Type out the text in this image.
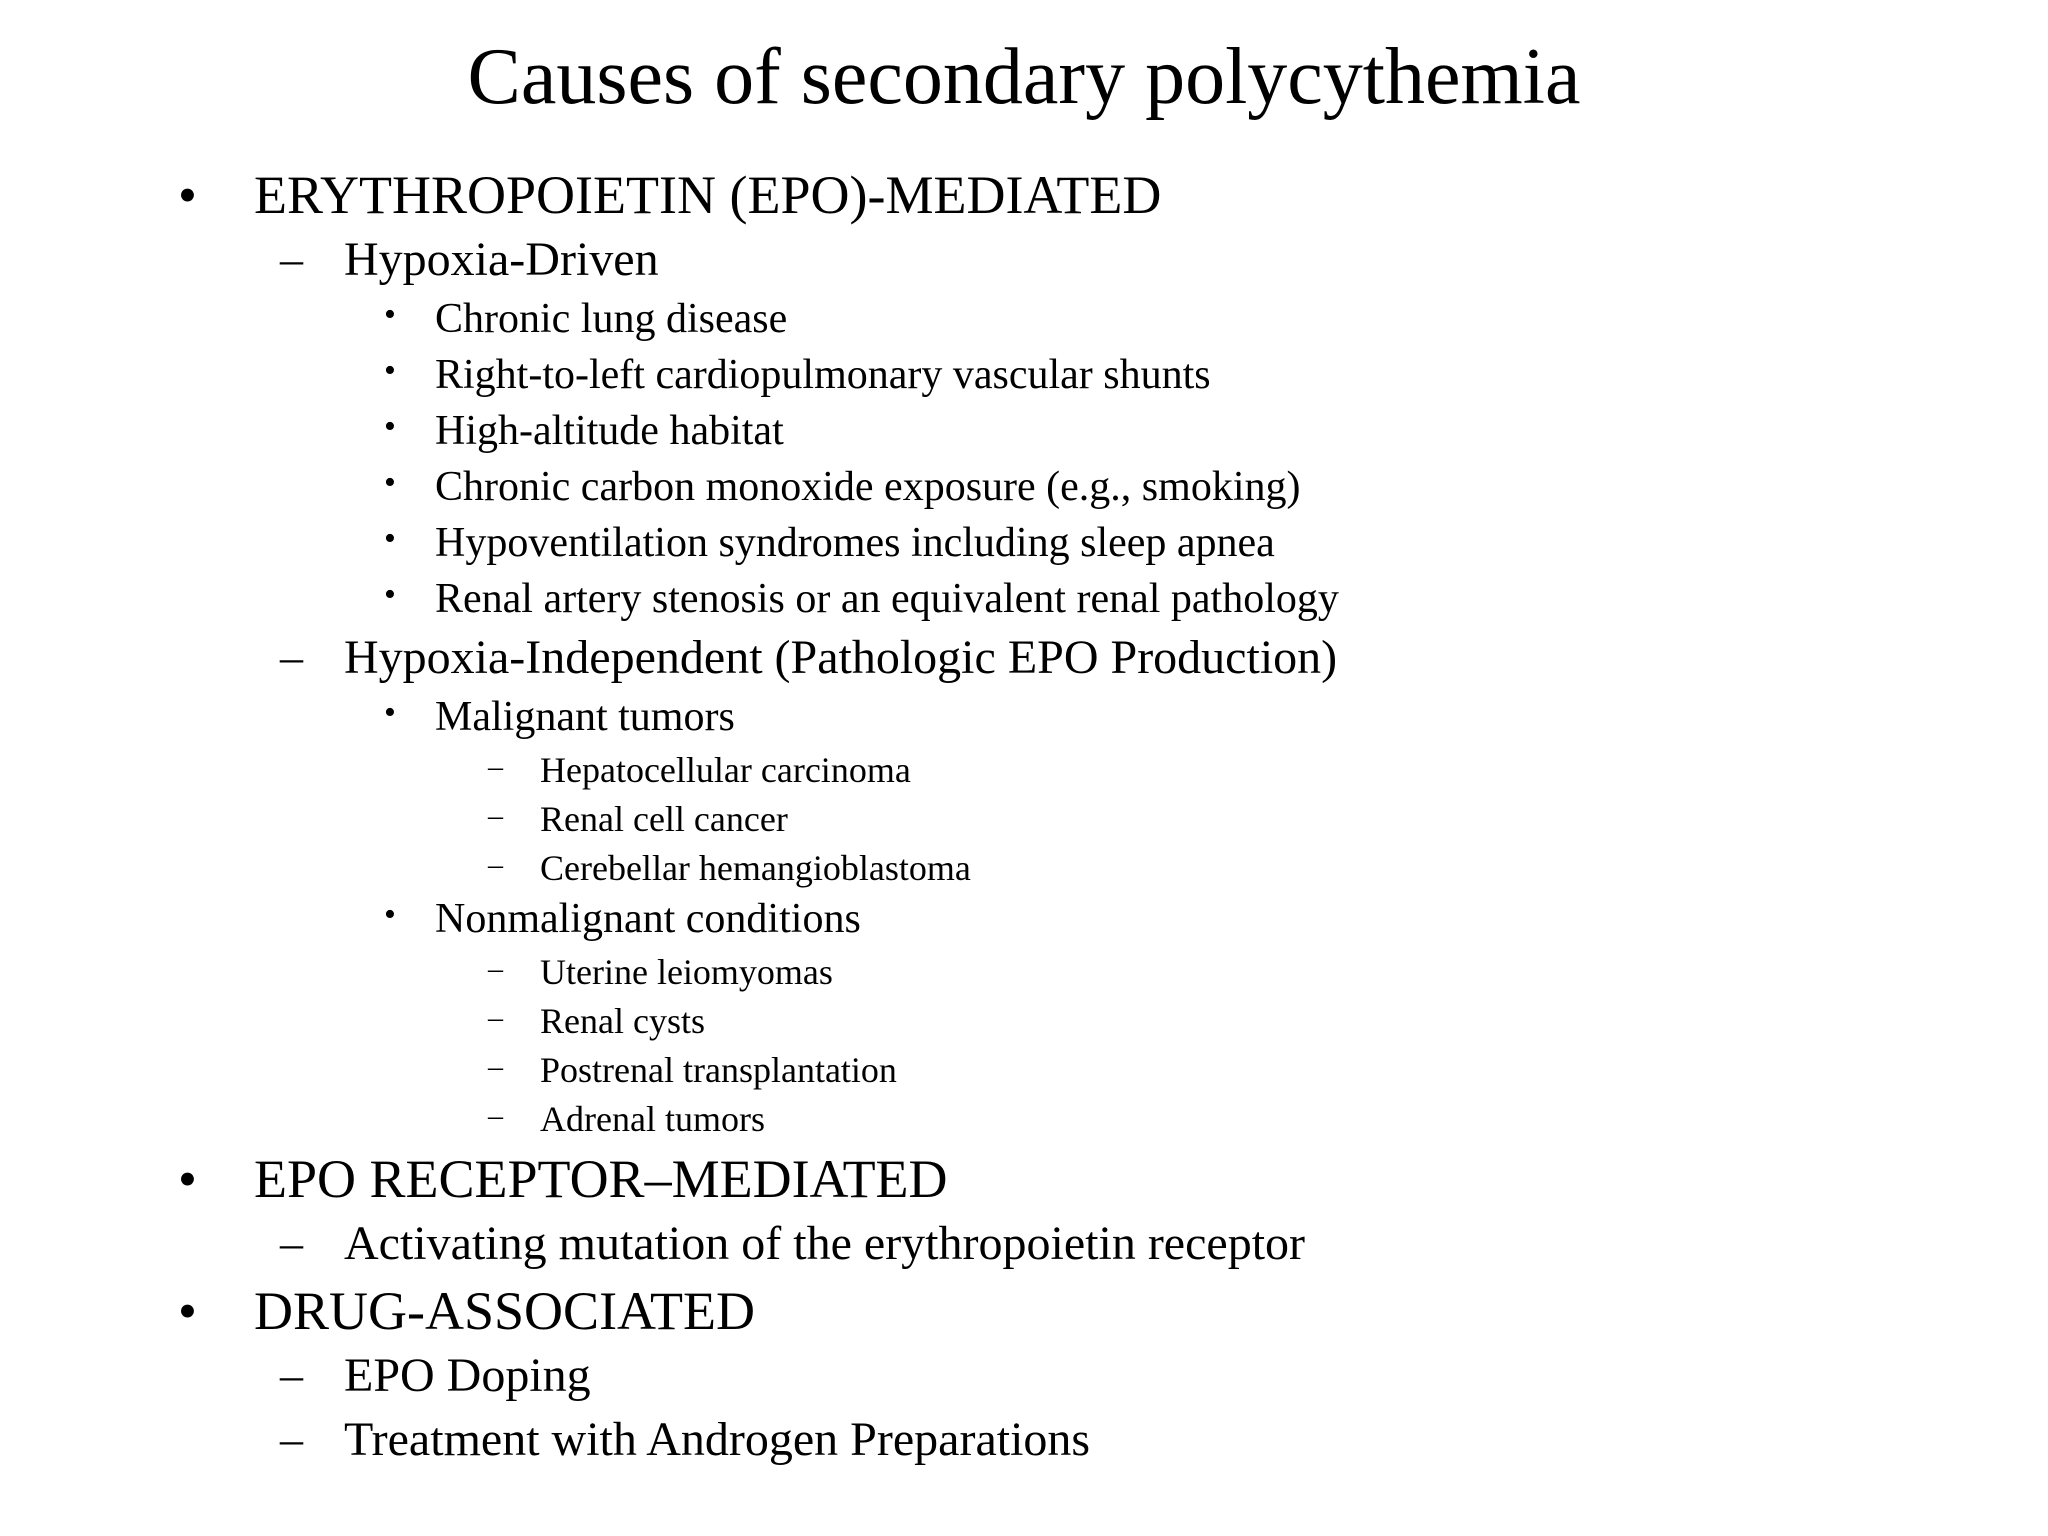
Causes of secondary polycythemia
• ERYTHROPOIETIN (EPO)-MEDIATED
– Hypoxia-Driven
• Chronic lung disease
• Right-to-left cardiopulmonary vascular shunts
• High-altitude habitat
• Chronic carbon monoxide exposure (e.g., smoking)
• Hypoventilation syndromes including sleep apnea
• Renal artery stenosis or an equivalent renal pathology
– Hypoxia-Independent (Pathologic EPO Production)
• Malignant tumors
– Hepatocellular carcinoma
– Renal cell cancer
– Cerebellar hemangioblastoma
• Nonmalignant conditions
– Uterine leiomyomas
– Renal cysts
– Postrenal transplantation
– Adrenal tumors
• EPO RECEPTOR–MEDIATED
– Activating mutation of the erythropoietin receptor
• DRUG-ASSOCIATED
– EPO Doping
– Treatment with Androgen Preparations
